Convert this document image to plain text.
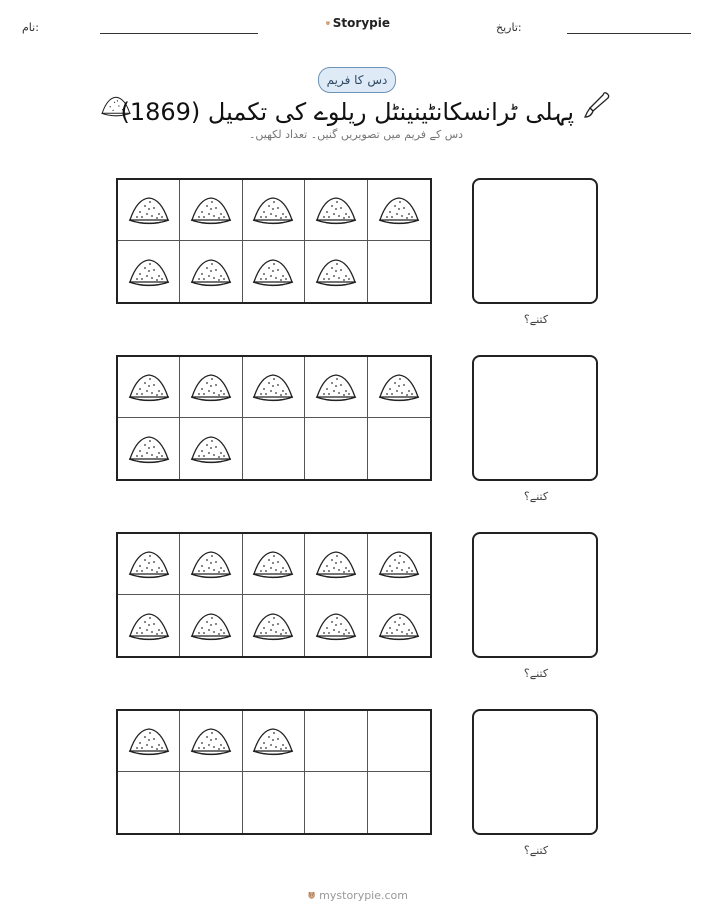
نام:	Storypie	تاریخ:
دس کا فریم
پہلی ٹرانسکانٹینینٹل ریلوے کی تکمیل (1869)
دس کے فریم میں تصویریں گنیں۔ تعداد لکھیں۔
کتنے؟
کتنے؟
کتنے؟
کتنے؟
mystorypie.com
